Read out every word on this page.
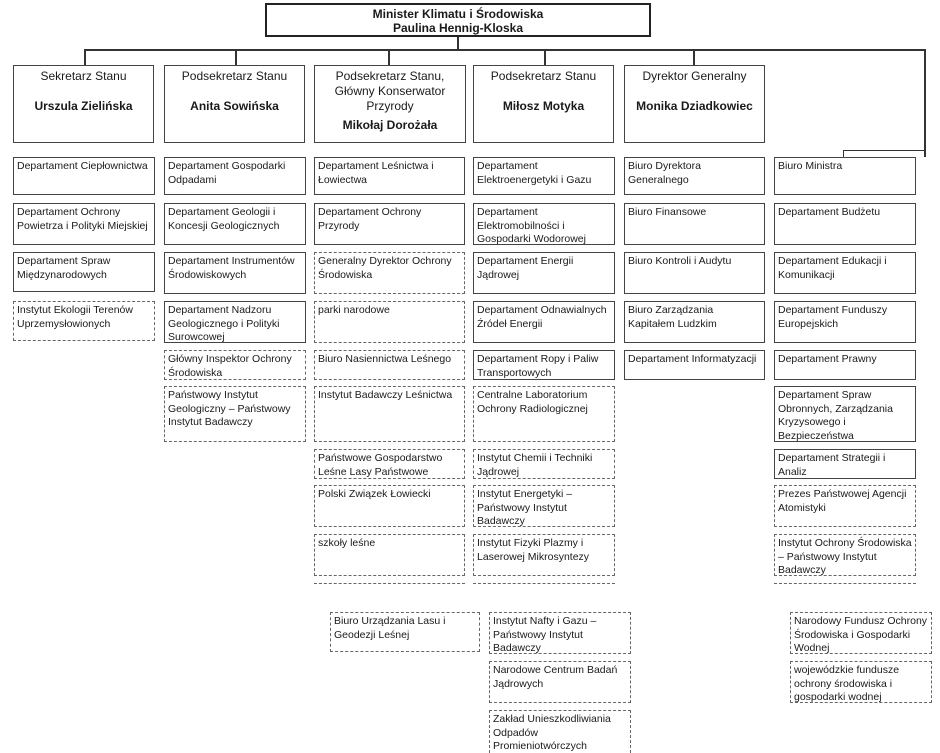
Minister Klimatu i Środowiska
Paulina Hennig-Kloska
Sekretarz Stanu
Urszula Zielińska
Podsekretarz Stanu
Anita Sowińska
Podsekretarz Stanu, Główny Konserwator Przyrody
Mikołaj Dorożała
Podsekretarz Stanu
Miłosz Motyka
Dyrektor Generalny
Monika Dziadkowiec
Departament Ciepłownictwa
Departament Ochrony Powietrza i Polityki Miejskiej
Departament Spraw Międzynarodowych
Instytut Ekologii Terenów Uprzemysłowionych
Departament Gospodarki Odpadami
Departament Geologii i Koncesji Geologicznych
Departament Instrumentów Środowiskowych
Departament Nadzoru Geologicznego i Polityki Surowcowej
Główny Inspektor Ochrony Środowiska
Państwowy Instytut Geologiczny – Państwowy Instytut Badawczy
Departament Leśnictwa i Łowiectwa
Departament Ochrony Przyrody
Generalny Dyrektor Ochrony Środowiska
parki narodowe
Biuro Nasiennictwa Leśnego
Instytut Badawczy Leśnictwa
Państwowe Gospodarstwo Leśne Lasy Państwowe
Polski Związek Łowiecki
szkoły leśne
Biuro Urządzania Lasu i Geodezji Leśnej
Departament Elektroenergetyki i Gazu
Departament Elektromobilności i Gospodarki Wodorowej
Departament Energii Jądrowej
Departament Odnawialnych Źródeł Energii
Departament Ropy i Paliw Transportowych
Centralne Laboratorium Ochrony Radiologicznej
Instytut Chemii i Techniki Jądrowej
Instytut Energetyki – Państwowy Instytut Badawczy
Instytut Fizyki Plazmy i Laserowej Mikrosyntezy
Instytut Nafty i Gazu – Państwowy Instytut Badawczy
Narodowe Centrum Badań Jądrowych
Zakład Unieszkodliwiania Odpadów Promieniotwórczych
Biuro Dyrektora Generalnego
Biuro Finansowe
Biuro Kontroli i Audytu
Biuro Zarządzania Kapitałem Ludzkim
Departament Informatyzacji
Biuro Ministra
Departament Budżetu
Departament Edukacji i Komunikacji
Departament Funduszy Europejskich
Departament Prawny
Departament Spraw Obronnych, Zarządzania Kryzysowego i Bezpieczeństwa
Departament Strategii i Analiz
Prezes Państwowej Agencji Atomistyki
Instytut Ochrony Środowiska – Państwowy Instytut Badawczy
Narodowy Fundusz Ochrony Środowiska i Gospodarki Wodnej
wojewódzkie fundusze ochrony środowiska i gospodarki wodnej
